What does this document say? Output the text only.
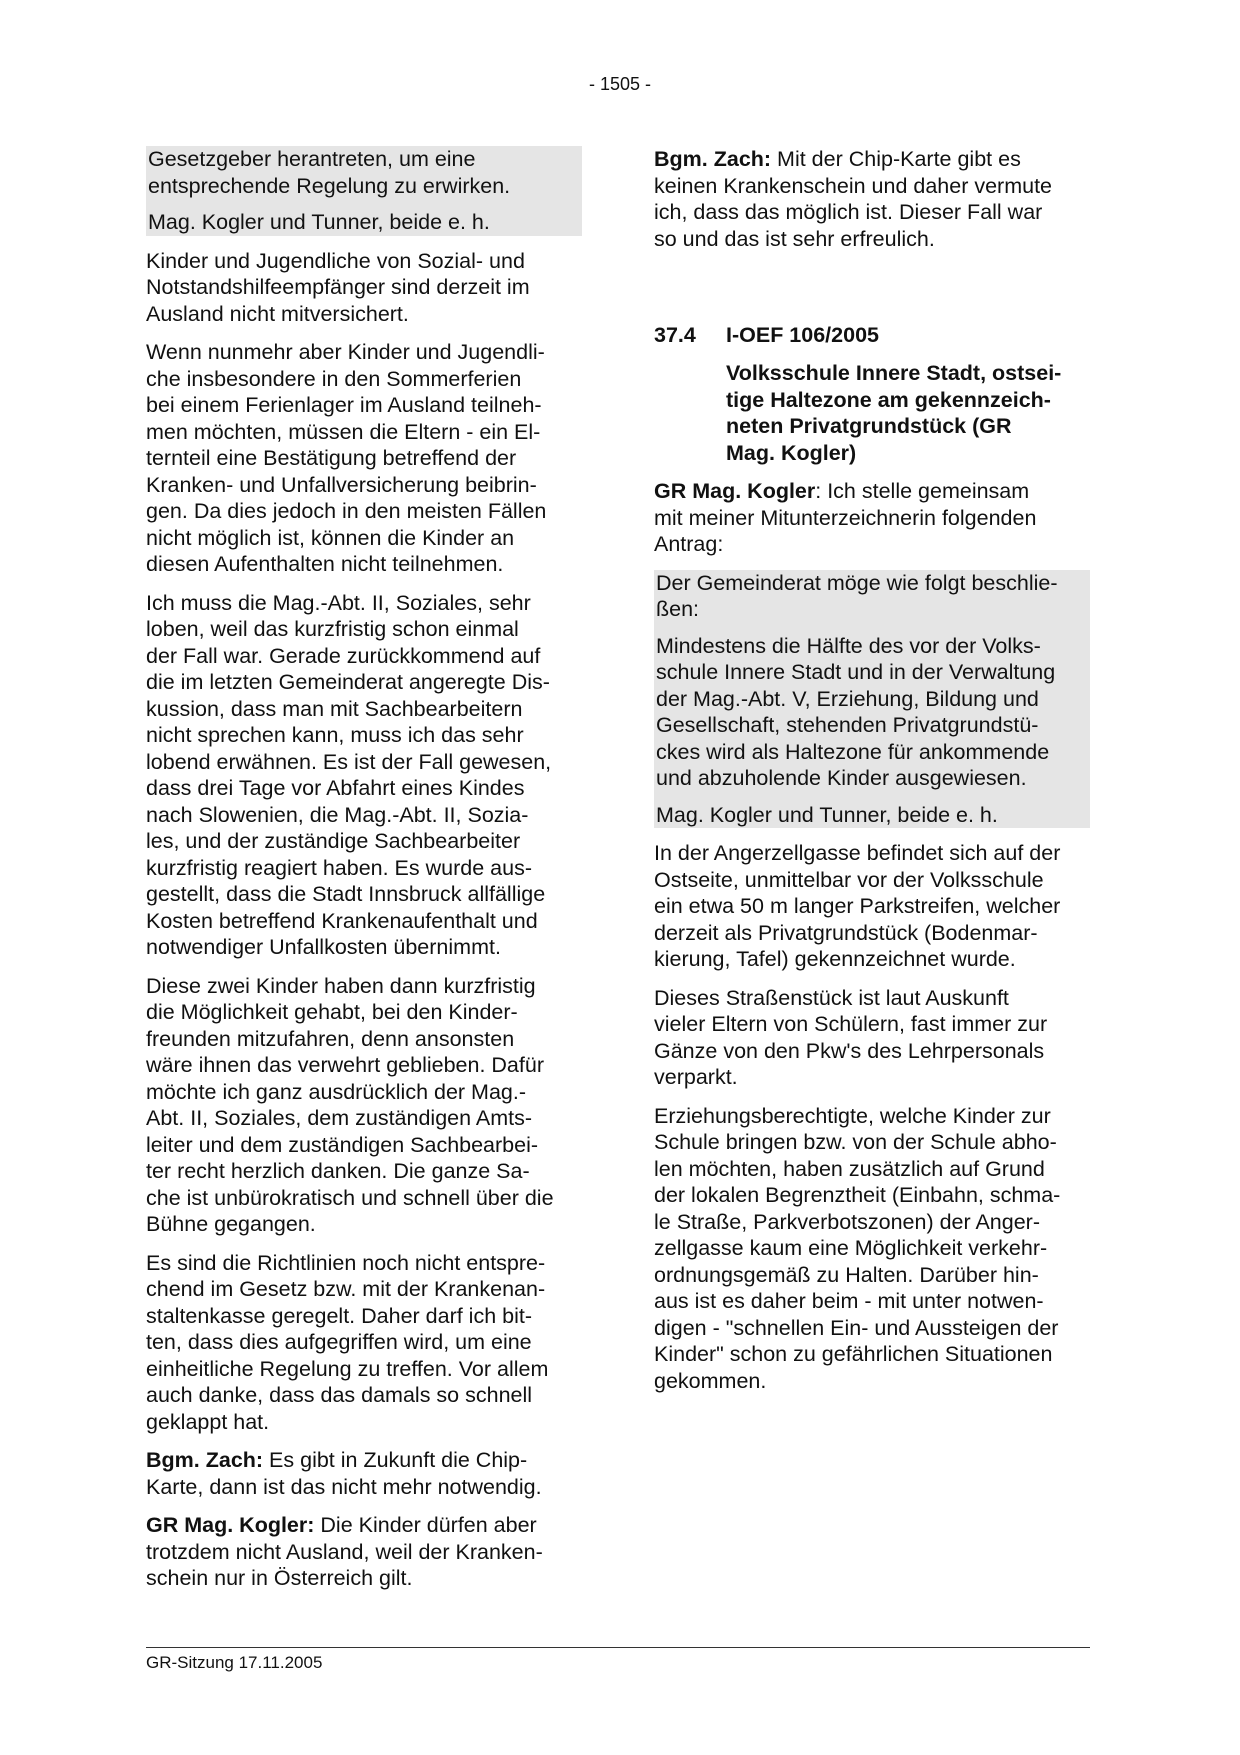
- 1505 -

Gesetzgeber herantreten, um eine
entsprechende Regelung zu erwirken.

Mag. Kogler und Tunner, beide e. h.

Kinder und Jugendliche von Sozial- und
Notstandshilfeempfänger sind derzeit im
Ausland nicht mitversichert.

Wenn nunmehr aber Kinder und Jugendli-
che insbesondere in den Sommerferien
bei einem Ferienlager im Ausland teilneh-
men möchten, müssen die Eltern - ein El-
ternteil eine Bestätigung betreffend der
Kranken- und Unfallversicherung beibrin-
gen. Da dies jedoch in den meisten Fällen
nicht möglich ist, können die Kinder an
diesen Aufenthalten nicht teilnehmen.

Ich muss die Mag.-Abt. II, Soziales, sehr
loben, weil das kurzfristig schon einmal
der Fall war. Gerade zurückkommend auf
die im letzten Gemeinderat angeregte Dis-
kussion, dass man mit Sachbearbeitern
nicht sprechen kann, muss ich das sehr
lobend erwähnen. Es ist der Fall gewesen,
dass drei Tage vor Abfahrt eines Kindes
nach Slowenien, die Mag.-Abt. II, Sozia-
les, und der zuständige Sachbearbeiter
kurzfristig reagiert haben. Es wurde aus-
gestellt, dass die Stadt Innsbruck allfällige
Kosten betreffend Krankenaufenthalt und
notwendiger Unfallkosten übernimmt.

Diese zwei Kinder haben dann kurzfristig
die Möglichkeit gehabt, bei den Kinder-
freunden mitzufahren, denn ansonsten
wäre ihnen das verwehrt geblieben. Dafür
möchte ich ganz ausdrücklich der Mag.-
Abt. II, Soziales, dem zuständigen Amts-
leiter und dem zuständigen Sachbearbei-
ter recht herzlich danken. Die ganze Sa-
che ist unbürokratisch und schnell über die
Bühne gegangen.

Es sind die Richtlinien noch nicht entspre-
chend im Gesetz bzw. mit der Krankenan-
staltenkasse geregelt. Daher darf ich bit-
ten, dass dies aufgegriffen wird, um eine
einheitliche Regelung zu treffen. Vor allem
auch danke, dass das damals so schnell
geklappt hat.

Bgm. Zach: Es gibt in Zukunft die Chip-
Karte, dann ist das nicht mehr notwendig.

GR Mag. Kogler: Die Kinder dürfen aber
trotzdem nicht Ausland, weil der Kranken-
schein nur in Österreich gilt.

Bgm. Zach: Mit der Chip-Karte gibt es
keinen Krankenschein und daher vermute
ich, dass das möglich ist. Dieser Fall war
so und das ist sehr erfreulich.

37.4 I-OEF 106/2005
Volksschule Innere Stadt, ostsei-
tige Haltezone am gekennzeich-
neten Privatgrundstück (GR
Mag. Kogler)

GR Mag. Kogler: Ich stelle gemeinsam
mit meiner Mitunterzeichnerin folgenden
Antrag:

Der Gemeinderat möge wie folgt beschlie-
ßen:

Mindestens die Hälfte des vor der Volks-
schule Innere Stadt und in der Verwaltung
der Mag.-Abt. V, Erziehung, Bildung und
Gesellschaft, stehenden Privatgrundstü-
ckes wird als Haltezone für ankommende
und abzuholende Kinder ausgewiesen.

Mag. Kogler und Tunner, beide e. h.

In der Angerzellgasse befindet sich auf der
Ostseite, unmittelbar vor der Volksschule
ein etwa 50 m langer Parkstreifen, welcher
derzeit als Privatgrundstück (Bodenmar-
kierung, Tafel) gekennzeichnet wurde.

Dieses Straßenstück ist laut Auskunft
vieler Eltern von Schülern, fast immer zur
Gänze von den Pkw's des Lehrpersonals
verparkt.

Erziehungsberechtigte, welche Kinder zur
Schule bringen bzw. von der Schule abho-
len möchten, haben zusätzlich auf Grund
der lokalen Begrenztheit (Einbahn, schma-
le Straße, Parkverbotszonen) der Anger-
zellgasse kaum eine Möglichkeit verkehr-
ordnungsgemäß zu Halten. Darüber hin-
aus ist es daher beim - mit unter notwen-
digen - "schnellen Ein- und Aussteigen der
Kinder" schon zu gefährlichen Situationen
gekommen.

GR-Sitzung 17.11.2005
